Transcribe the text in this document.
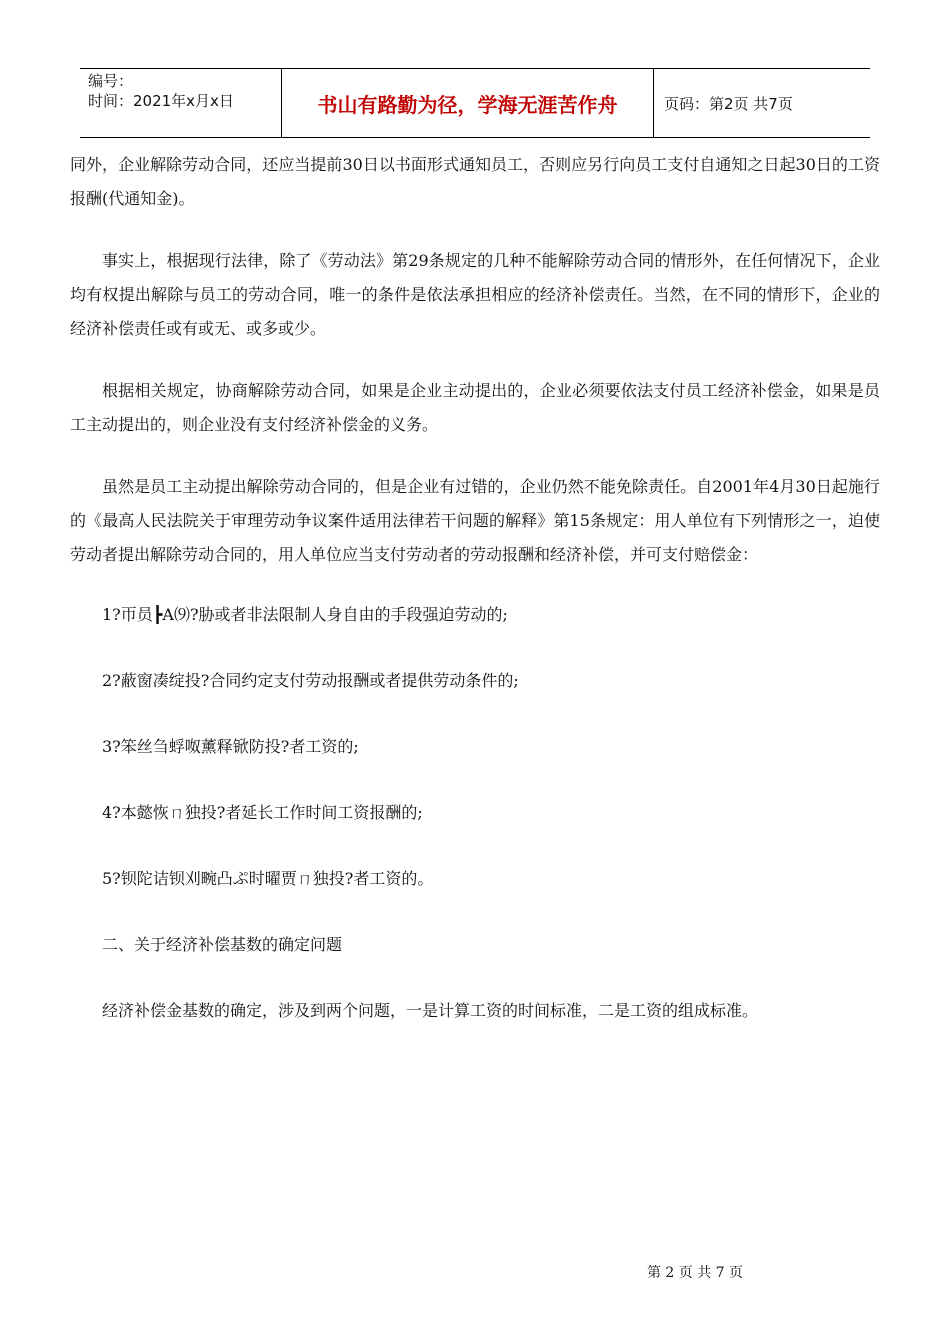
编号：
时间：2021年x月x日	书山有路勤为径，学海无涯苦作舟	页码：第2页 共7页

同外，企业解除劳动合同，还应当提前30日以书面形式通知员工，否则应另行向员工支付自通知之日起30日的工资报酬(代通知金)。

事实上，根据现行法律，除了《劳动法》第29条规定的几种不能解除劳动合同的情形外，在任何情况下，企业均有权提出解除与员工的劳动合同，唯一的条件是依法承担相应的经济补偿责任。当然，在不同的情形下，企业的经济补偿责任或有或无、或多或少。

根据相关规定，协商解除劳动合同，如果是企业主动提出的，企业必须要依法支付员工经济补偿金，如果是员工主动提出的，则企业没有支付经济补偿金的义务。

虽然是员工主动提出解除劳动合同的，但是企业有过错的，企业仍然不能免除责任。自2001年4月30日起施行的《最高人民法院关于审理劳动争议案件适用法律若干问题的解释》第15条规定：用人单位有下列情形之一，迫使劳动者提出解除劳动合同的，用人单位应当支付劳动者的劳动报酬和经济补偿，并可支付赔偿金：

1?帀员┣Α⑼?胁或者非法限制人身自由的手段强迫劳动的;
2?蔽窗凑绽投?合同约定支付劳动报酬或者提供劳动条件的;
3?笨丝刍蜉呶薰释锨防投?者工资的;
4?本懿恢ㄇ独投?者延长工作时间工资报酬的;
5?钡陀诘钡刈畹凸ぷ时曜贾ㄇ独投?者工资的。
二、关于经济补偿基数的确定问题
经济补偿金基数的确定，涉及到两个问题，一是计算工资的时间标准，二是工资的组成标准。
第 2 页 共 7 页
